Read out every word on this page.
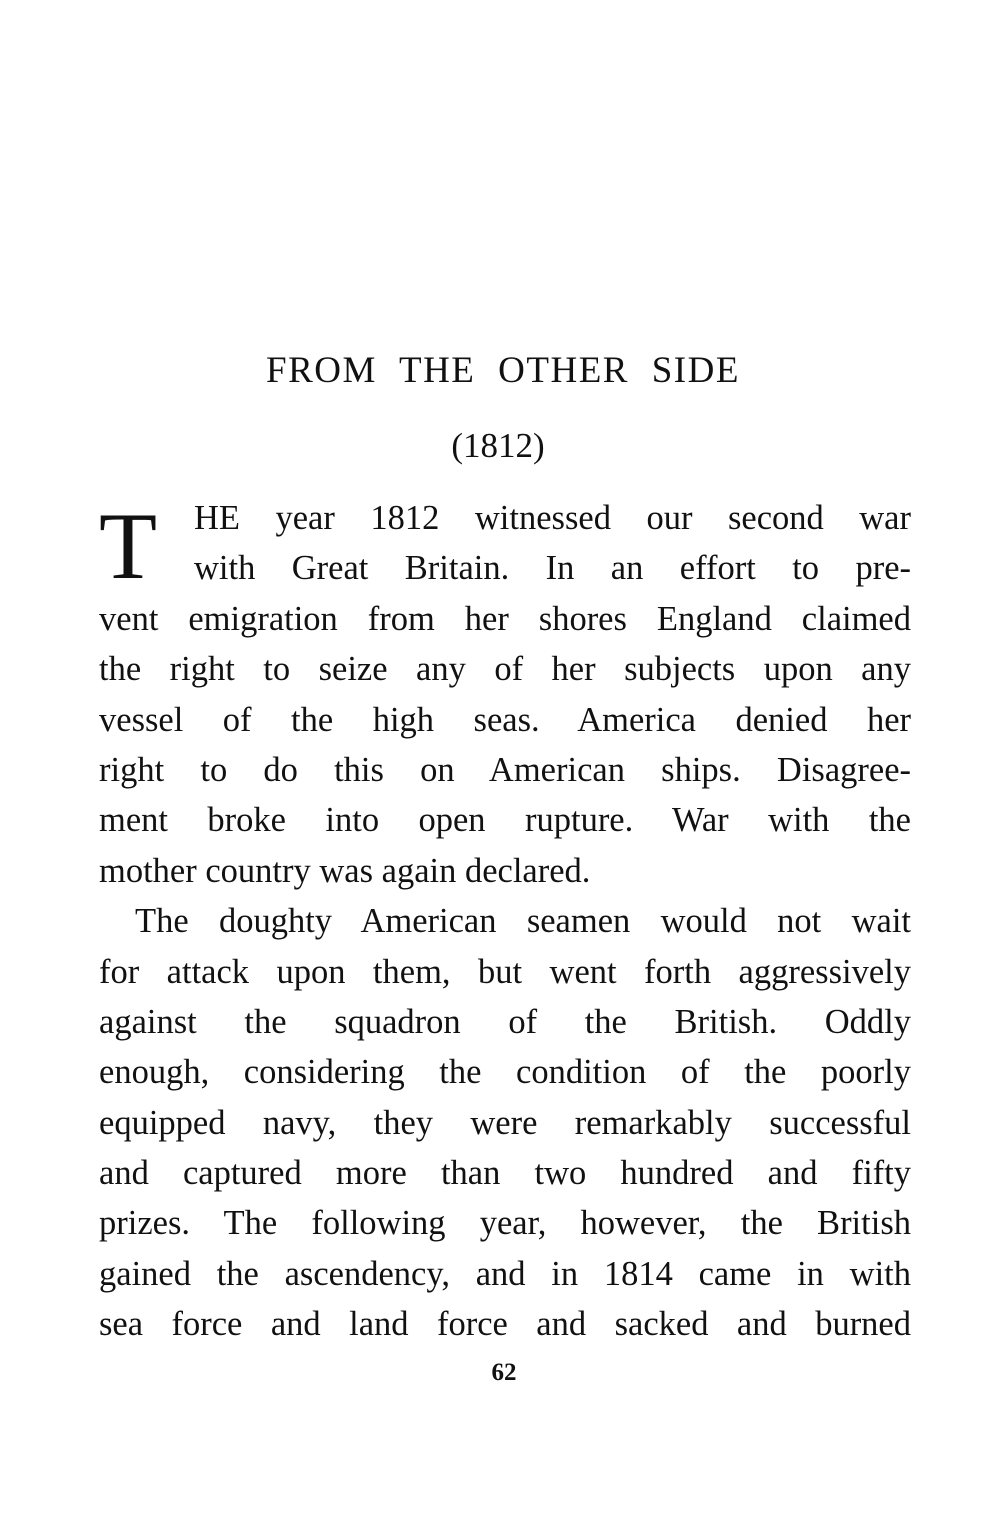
FROM THE OTHER SIDE
(1812)
T	HE year 1812 witnessed our second war
with Great Britain. In an effort to pre-
vent emigration from her shores England claimed
the right to seize any of her subjects upon any
vessel of the high seas. America denied her
right to do this on American ships. Disagree-
ment broke into open rupture. War with the
mother country was again declared.
The doughty American seamen would not wait
for attack upon them, but went forth aggressively
against the squadron of the British. Oddly
enough, considering the condition of the poorly
equipped navy, they were remarkably successful
and captured more than two hundred and fifty
prizes. The following year, however, the British
gained the ascendency, and in 1814 came in with
sea force and land force and sacked and burned
62
